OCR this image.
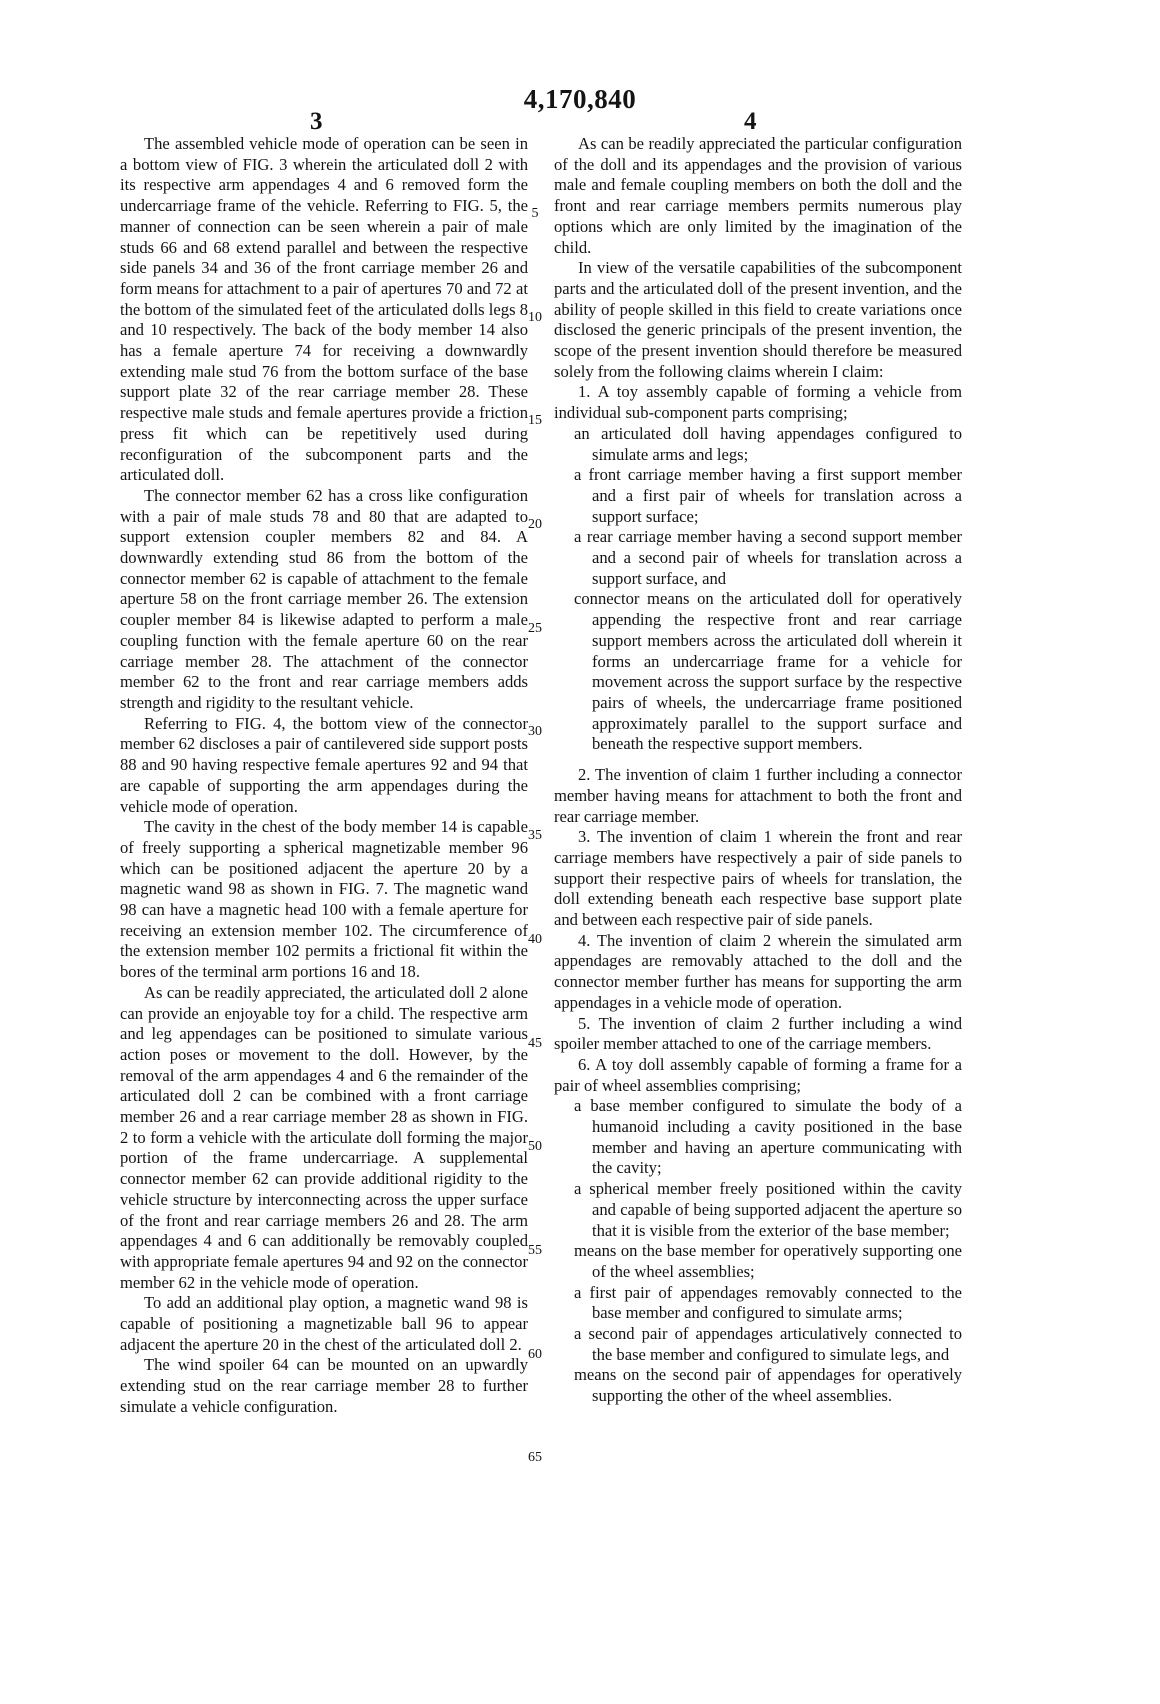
4,170,840
3	4
5
10
15
20
25
30
35
40
45
50
55
60
65

The assembled vehicle mode of operation can be seen in a bottom view of FIG. 3 wherein the articulated doll 2 with its respective arm appendages 4 and 6 removed form the undercarriage frame of the vehicle. Referring to FIG. 5, the manner of connection can be seen wherein a pair of male studs 66 and 68 extend parallel and between the respective side panels 34 and 36 of the front carriage member 26 and form means for attachment to a pair of apertures 70 and 72 at the bottom of the simulated feet of the articulated dolls legs 8 and 10 respectively. The back of the body member 14 also has a female aperture 74 for receiving a downwardly extending male stud 76 from the bottom surface of the base support plate 32 of the rear carriage member 28. These respective male studs and female apertures provide a friction press fit which can be repetitively used during reconfiguration of the subcomponent parts and the articulated doll.

The connector member 62 has a cross like configuration with a pair of male studs 78 and 80 that are adapted to support extension coupler members 82 and 84. A downwardly extending stud 86 from the bottom of the connector member 62 is capable of attachment to the female aperture 58 on the front carriage member 26. The extension coupler member 84 is likewise adapted to perform a male coupling function with the female aperture 60 on the rear carriage member 28. The attachment of the connector member 62 to the front and rear carriage members adds strength and rigidity to the resultant vehicle.

Referring to FIG. 4, the bottom view of the connector member 62 discloses a pair of cantilevered side support posts 88 and 90 having respective female apertures 92 and 94 that are capable of supporting the arm appendages during the vehicle mode of operation.

The cavity in the chest of the body member 14 is capable of freely supporting a spherical magnetizable member 96 which can be positioned adjacent the aperture 20 by a magnetic wand 98 as shown in FIG. 7. The magnetic wand 98 can have a magnetic head 100 with a female aperture for receiving an extension member 102. The circumference of the extension member 102 permits a frictional fit within the bores of the terminal arm portions 16 and 18.

As can be readily appreciated, the articulated doll 2 alone can provide an enjoyable toy for a child. The respective arm and leg appendages can be positioned to simulate various action poses or movement to the doll. However, by the removal of the arm appendages 4 and 6 the remainder of the articulated doll 2 can be combined with a front carriage member 26 and a rear carriage member 28 as shown in FIG. 2 to form a vehicle with the articulate doll forming the major portion of the frame undercarriage. A supplemental connector member 62 can provide additional rigidity to the vehicle structure by interconnecting across the upper surface of the front and rear carriage members 26 and 28. The arm appendages 4 and 6 can additionally be removably coupled with appropriate female apertures 94 and 92 on the connector member 62 in the vehicle mode of operation.

To add an additional play option, a magnetic wand 98 is capable of positioning a magnetizable ball 96 to appear adjacent the aperture 20 in the chest of the articulated doll 2.

The wind spoiler 64 can be mounted on an upwardly extending stud on the rear carriage member 28 to further simulate a vehicle configuration.

As can be readily appreciated the particular configuration of the doll and its appendages and the provision of various male and female coupling members on both the doll and the front and rear carriage members permits numerous play options which are only limited by the imagination of the child.

In view of the versatile capabilities of the subcomponent parts and the articulated doll of the present invention, and the ability of people skilled in this field to create variations once disclosed the generic principals of the present invention, the scope of the present invention should therefore be measured solely from the following claims wherein I claim:

1. A toy assembly capable of forming a vehicle from individual sub-component parts comprising;

an articulated doll having appendages configured to simulate arms and legs;

a front carriage member having a first support member and a first pair of wheels for translation across a support surface;

a rear carriage member having a second support member and a second pair of wheels for translation across a support surface, and

connector means on the articulated doll for operatively appending the respective front and rear carriage support members across the articulated doll wherein it forms an undercarriage frame for a vehicle for movement across the support surface by the respective pairs of wheels, the undercarriage frame positioned approximately parallel to the support surface and beneath the respective support members.

2. The invention of claim 1 further including a connector member having means for attachment to both the front and rear carriage member.

3. The invention of claim 1 wherein the front and rear carriage members have respectively a pair of side panels to support their respective pairs of wheels for translation, the doll extending beneath each respective base support plate and between each respective pair of side panels.

4. The invention of claim 2 wherein the simulated arm appendages are removably attached to the doll and the connector member further has means for supporting the arm appendages in a vehicle mode of operation.

5. The invention of claim 2 further including a wind spoiler member attached to one of the carriage members.

6. A toy doll assembly capable of forming a frame for a pair of wheel assemblies comprising;

a base member configured to simulate the body of a humanoid including a cavity positioned in the base member and having an aperture communicating with the cavity;

a spherical member freely positioned within the cavity and capable of being supported adjacent the aperture so that it is visible from the exterior of the base member;

means on the base member for operatively supporting one of the wheel assemblies;

a first pair of appendages removably connected to the base member and configured to simulate arms;

a second pair of appendages articulatively connected to the base member and configured to simulate legs, and

means on the second pair of appendages for operatively supporting the other of the wheel assemblies.
